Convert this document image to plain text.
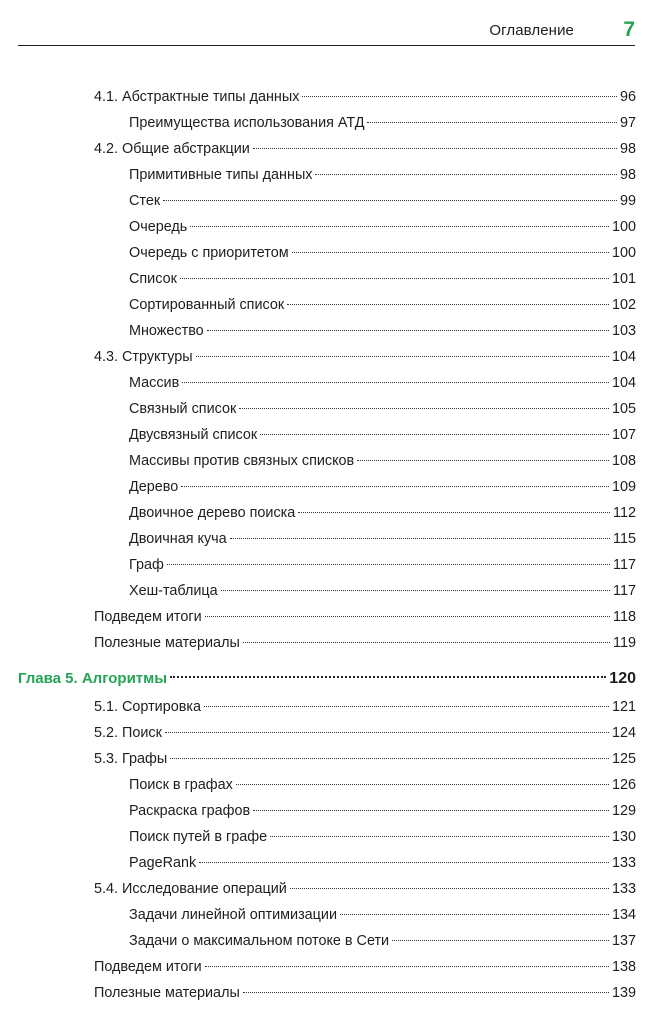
Оглавление 7
4.1. Абстрактные типы данных	96
Преимущества использования АТД	97
4.2. Общие абстракции	98
Примитивные типы данных	98
Стек	99
Очередь	100
Очередь с приоритетом	100
Список	101
Сортированный список	102
Множество	103
4.3. Структуры	104
Массив	104
Связный список	105
Двусвязный список	107
Массивы против связных списков	108
Дерево	109
Двоичное дерево поиска	112
Двоичная куча	115
Граф	117
Хеш-таблица	117
Подведем итоги	118
Полезные материалы	119
Глава 5. Алгоритмы	120
5.1. Сортировка	121
5.2. Поиск	124
5.3. Графы	125
Поиск в графах	126
Раскраска графов	129
Поиск путей в графе	130
PageRank	133
5.4. Исследование операций	133
Задачи линейной оптимизации	134
Задачи о максимальном потоке в Сети	137
Подведем итоги	138
Полезные материалы	139
